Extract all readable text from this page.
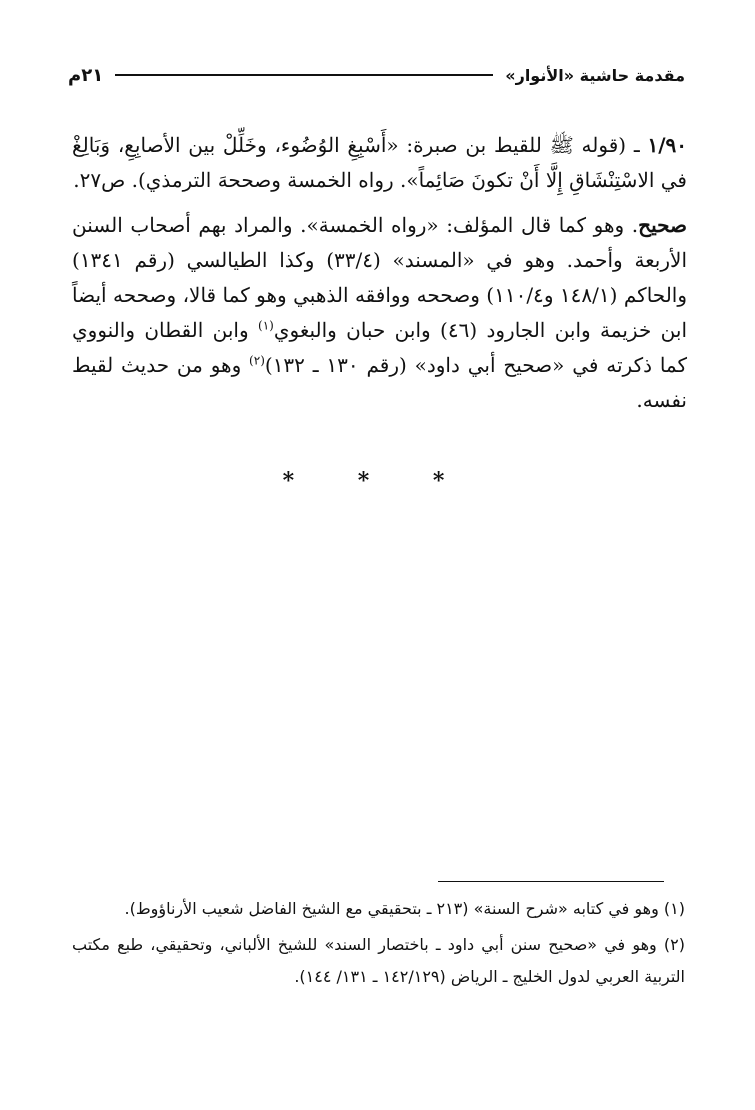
مقدمة حاشية «الأنوار»
٢١م

١/٩٠ ـ (قوله ﷺ للقيط بن صبرة: «أَسْبِغِ الوُضُوء، وخَلِّلْ بين الأصابِعِ، وَبَالِغْ في الاسْتِنْشَاقِ إِلَّا أَنْ تكونَ صَائِماً». رواه الخمسة وصححهَ الترمذي). ص٢٧.

صحيح. وهو كما قال المؤلف: «رواه الخمسة». والمراد بهم أصحاب السنن الأربعة وأحمد. وهو في «المسند» (٣٣/٤) وكذا الطيالسي (رقم ١٣٤١) والحاكم (١٤٨/١ و١١٠/٤) وصححه ووافقه الذهبي وهو كما قالا، وصححه أيضاً ابن خزيمة وابن الجارود (٤٦) وابن حبان والبغوي$^{(١)}$ وابن القطان والنووي كما ذكرته في «صحيح أبي داود» (رقم ١٣٠ ـ ١٣٢)$^{(٢)}$ وهو من حديث لقيط نفسه.

* * *

(١) وهو في كتابه «شرح السنة» (٢١٣ ـ بتحقيقي مع الشيخ الفاضل شعيب الأرناؤوط).

(٢) وهو في «صحيح سنن أبي داود ـ باختصار السند» للشيخ الألباني، وتحقيقي، طبع مكتب التربية العربي لدول الخليج ـ الرياض (١٤٢/١٢٩ ـ ١٣١/ ١٤٤).
